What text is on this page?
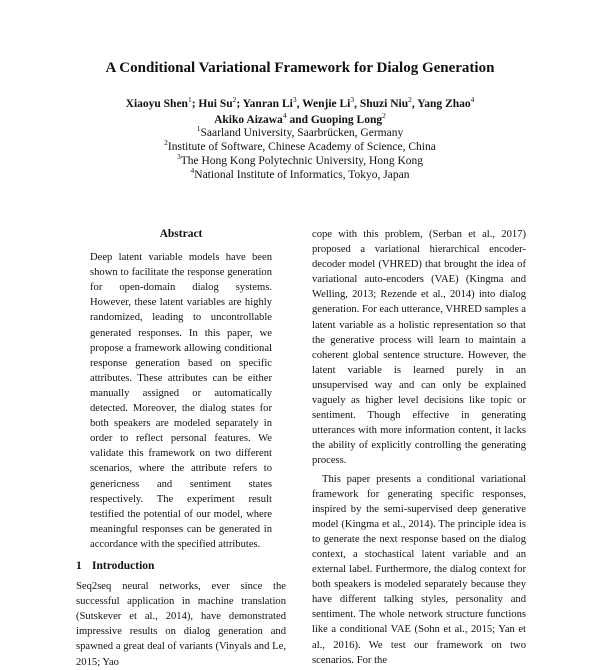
A Conditional Variational Framework for Dialog Generation
Xiaoyu Shen$^1$; Hui Su$^2$; Yanran Li$^3$, Wenjie Li$^3$, Shuzi Niu$^2$, Yang Zhao$^4$
Akiko Aizawa$^4$ and Guoping Long$^2$
$^1$Saarland University, Saarbrücken, Germany
$^2$Institute of Software, Chinese Academy of Science, China
$^3$The Hong Kong Polytechnic University, Hong Kong
$^4$National Institute of Informatics, Tokyo, Japan
Abstract

Deep latent variable models have been shown to facilitate the response generation for open-domain dialog systems. However, these latent variables are highly randomized, leading to uncontrollable generated responses. In this paper, we propose a framework allowing conditional response generation based on specific attributes. These attributes can be either manually assigned or automatically detected. Moreover, the dialog states for both speakers are modeled separately in order to reflect personal features. We validate this framework on two different scenarios, where the attribute refers to genericness and sentiment states respectively. The experiment result testified the potential of our model, where meaningful responses can be generated in accordance with the specified attributes.

1 Introduction

Seq2seq neural networks, ever since the successful application in machine translation (Sutskever et al., 2014), have demonstrated impressive results on dialog generation and spawned a great deal of variants (Vinyals and Le, 2015; Yao

cope with this problem, (Serban et al., 2017) proposed a variational hierarchical encoder-decoder model (VHRED) that brought the idea of variational auto-encoders (VAE) (Kingma and Welling, 2013; Rezende et al., 2014) into dialog generation. For each utterance, VHRED samples a latent variable as a holistic representation so that the generative process will learn to maintain a coherent global sentence structure. However, the latent variable is learned purely in an unsupervised way and can only be explained vaguely as higher level decisions like topic or sentiment. Though effective in generating utterances with more information content, it lacks the ability of explicitly controlling the generating process.

This paper presents a conditional variational framework for generating specific responses, inspired by the semi-supervised deep generative model (Kingma et al., 2014). The principle idea is to generate the next response based on the dialog context, a stochastical latent variable and an external label. Furthermore, the dialog context for both speakers is modeled separately because they have different talking styles, personality and sentiment. The whole network structure functions like a conditional VAE (Sohn et al., 2015; Yan et al., 2016). We test our framework on two scenarios. For the
